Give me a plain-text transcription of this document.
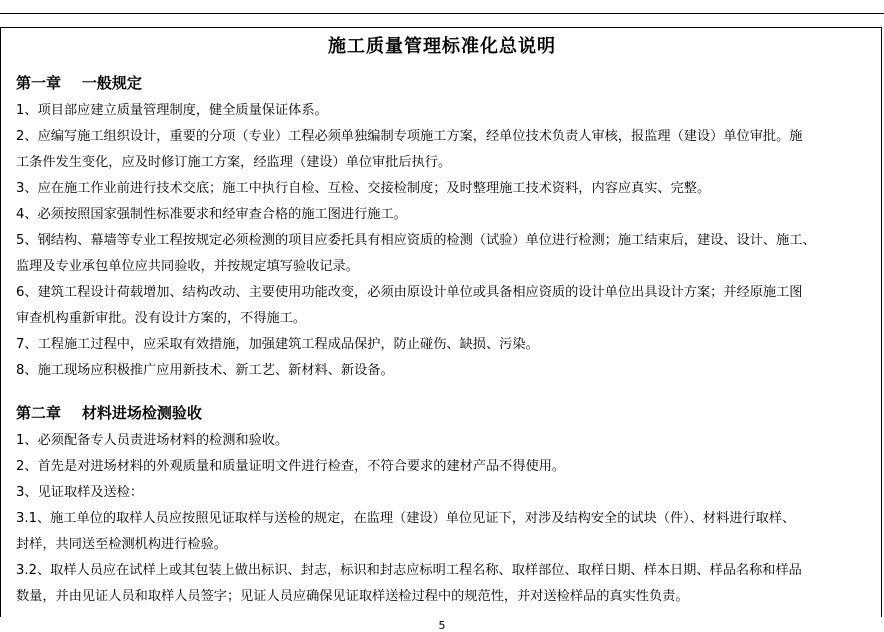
施工质量管理标准化总说明
第一章    一般规定
1、项目部应建立质量管理制度，健全质量保证体系。
2、应编写施工组织设计，重要的分项（专业）工程必须单独编制专项施工方案，经单位技术负责人审核，报监理（建设）单位审批。施
工条件发生变化，应及时修订施工方案，经监理（建设）单位审批后执行。
3、应在施工作业前进行技术交底；施工中执行自检、互检、交接检制度；及时整理施工技术资料，内容应真实、完整。
4、必须按照国家强制性标准要求和经审查合格的施工图进行施工。
5、钢结构、幕墙等专业工程按规定必须检测的项目应委托具有相应资质的检测（试验）单位进行检测；施工结束后，建设、设计、施工、
监理及专业承包单位应共同验收，并按规定填写验收记录。
6、建筑工程设计荷载增加、结构改动、主要使用功能改变，必须由原设计单位或具备相应资质的设计单位出具设计方案；并经原施工图
审查机构重新审批。没有设计方案的，不得施工。
7、工程施工过程中，应采取有效措施，加强建筑工程成品保护，防止碰伤、缺损、污染。
8、施工现场应积极推广应用新技术、新工艺、新材料、新设备。
第二章    材料进场检测验收
1、必须配备专人员责进场材料的检测和验收。
2、首先是对进场材料的外观质量和质量证明文件进行检查，不符合要求的建材产品不得使用。
3、见证取样及送检：
3.1、施工单位的取样人员应按照见证取样与送检的规定，在监理（建设）单位见证下，对涉及结构安全的试块（件）、材料进行取样、
封样，共同送至检测机构进行检验。
3.2、取样人员应在试样上或其包装上做出标识、封志，标识和封志应标明工程名称、取样部位、取样日期、样本日期、样品名称和样品
数量，并由见证人员和取样人员签字；见证人员应确保见证取样送检过程中的规范性，并对送检样品的真实性负责。
5
